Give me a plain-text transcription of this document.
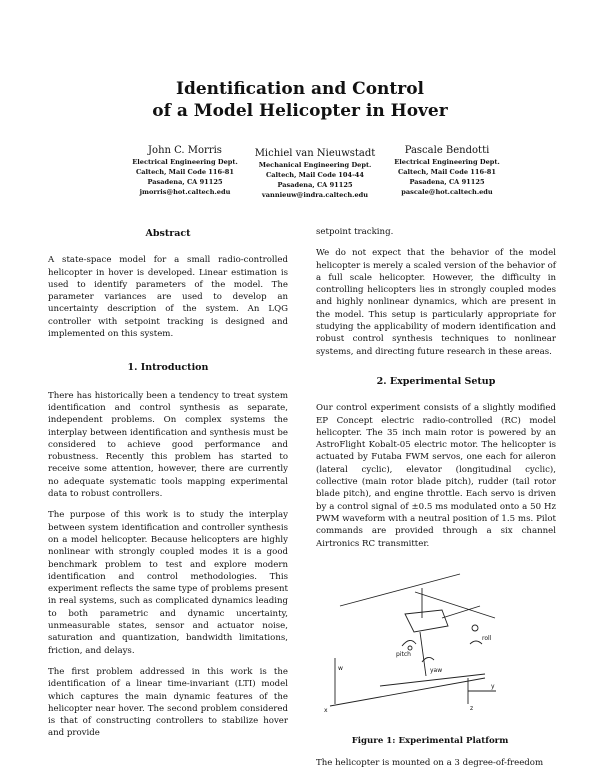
Identification and Control
of a Model Helicopter in Hover
John C. Morris
Electrical Engineering Dept.
Caltech, Mail Code 116-81
Pasadena, CA 91125
jmorris@hot.caltech.edu
Michiel van Nieuwstadt
Mechanical Engineering Dept.
Caltech, Mail Code 104-44
Pasadena, CA 91125
vannieuw@indra.caltech.edu
Pascale Bendotti
Electrical Engineering Dept.
Caltech, Mail Code 116-81
Pasadena, CA 91125
pascale@hot.caltech.edu

Abstract

A state-space model for a small radio-controlled helicopter in hover is developed. Linear estimation is used to identify parameters of the model. The parameter variances are used to develop an uncertainty description of the system. An LQG controller with setpoint tracking is designed and implemented on this system.

1. Introduction

There has historically been a tendency to treat system identification and control synthesis as separate, independent problems. On complex systems the interplay between identification and synthesis must be considered to achieve good performance and robustness. Recently this problem has started to receive some attention, however, there are currently no adequate systematic tools mapping experimental data to robust controllers.

The purpose of this work is to study the interplay between system identification and controller synthesis on a model helicopter. Because helicopters are highly nonlinear with strongly coupled modes it is a good benchmark problem to test and explore modern identification and control methodologies. This experiment reflects the same type of problems present in real systems, such as complicated dynamics leading to both parametric and dynamic uncertainty, unmeasurable states, sensor and actuator noise, saturation and quantization, bandwidth limitations, friction, and delays.

The first problem addressed in this work is the identification of a linear time-invariant (LTI) model which captures the main dynamic features of the helicopter near hover. The second problem considered is that of constructing controllers to stabilize hover and provide

setpoint tracking.

We do not expect that the behavior of the model helicopter is merely a scaled version of the behavior of a full scale helicopter. However, the difficulty in controlling helicopters lies in strongly coupled modes and highly nonlinear dynamics, which are present in the model. This setup is particularly appropriate for studying the applicability of modern identification and robust control synthesis techniques to nonlinear systems, and directing future research in these areas.

2. Experimental Setup

Our control experiment consists of a slightly modified EP Concept electric radio-controlled (RC) model helicopter. The 35 inch main rotor is powered by an AstroFlight Kobalt-05 electric motor. The helicopter is actuated by Futaba FWM servos, one each for aileron (lateral cyclic), elevator (longitudinal cyclic), collective (main rotor blade pitch), rudder (tail rotor blade pitch), and engine throttle. Each servo is driven by a control signal of ±0.5 ms modulated onto a 50 Hz PWM waveform with a neutral position of 1.5 ms. Pilot commands are provided through a six channel Airtronics RC transmitter.

roll
pitch
yaw
w
z
y
x
Figure 1: Experimental Platform
The helicopter is mounted on a 3 degree-of-freedom
